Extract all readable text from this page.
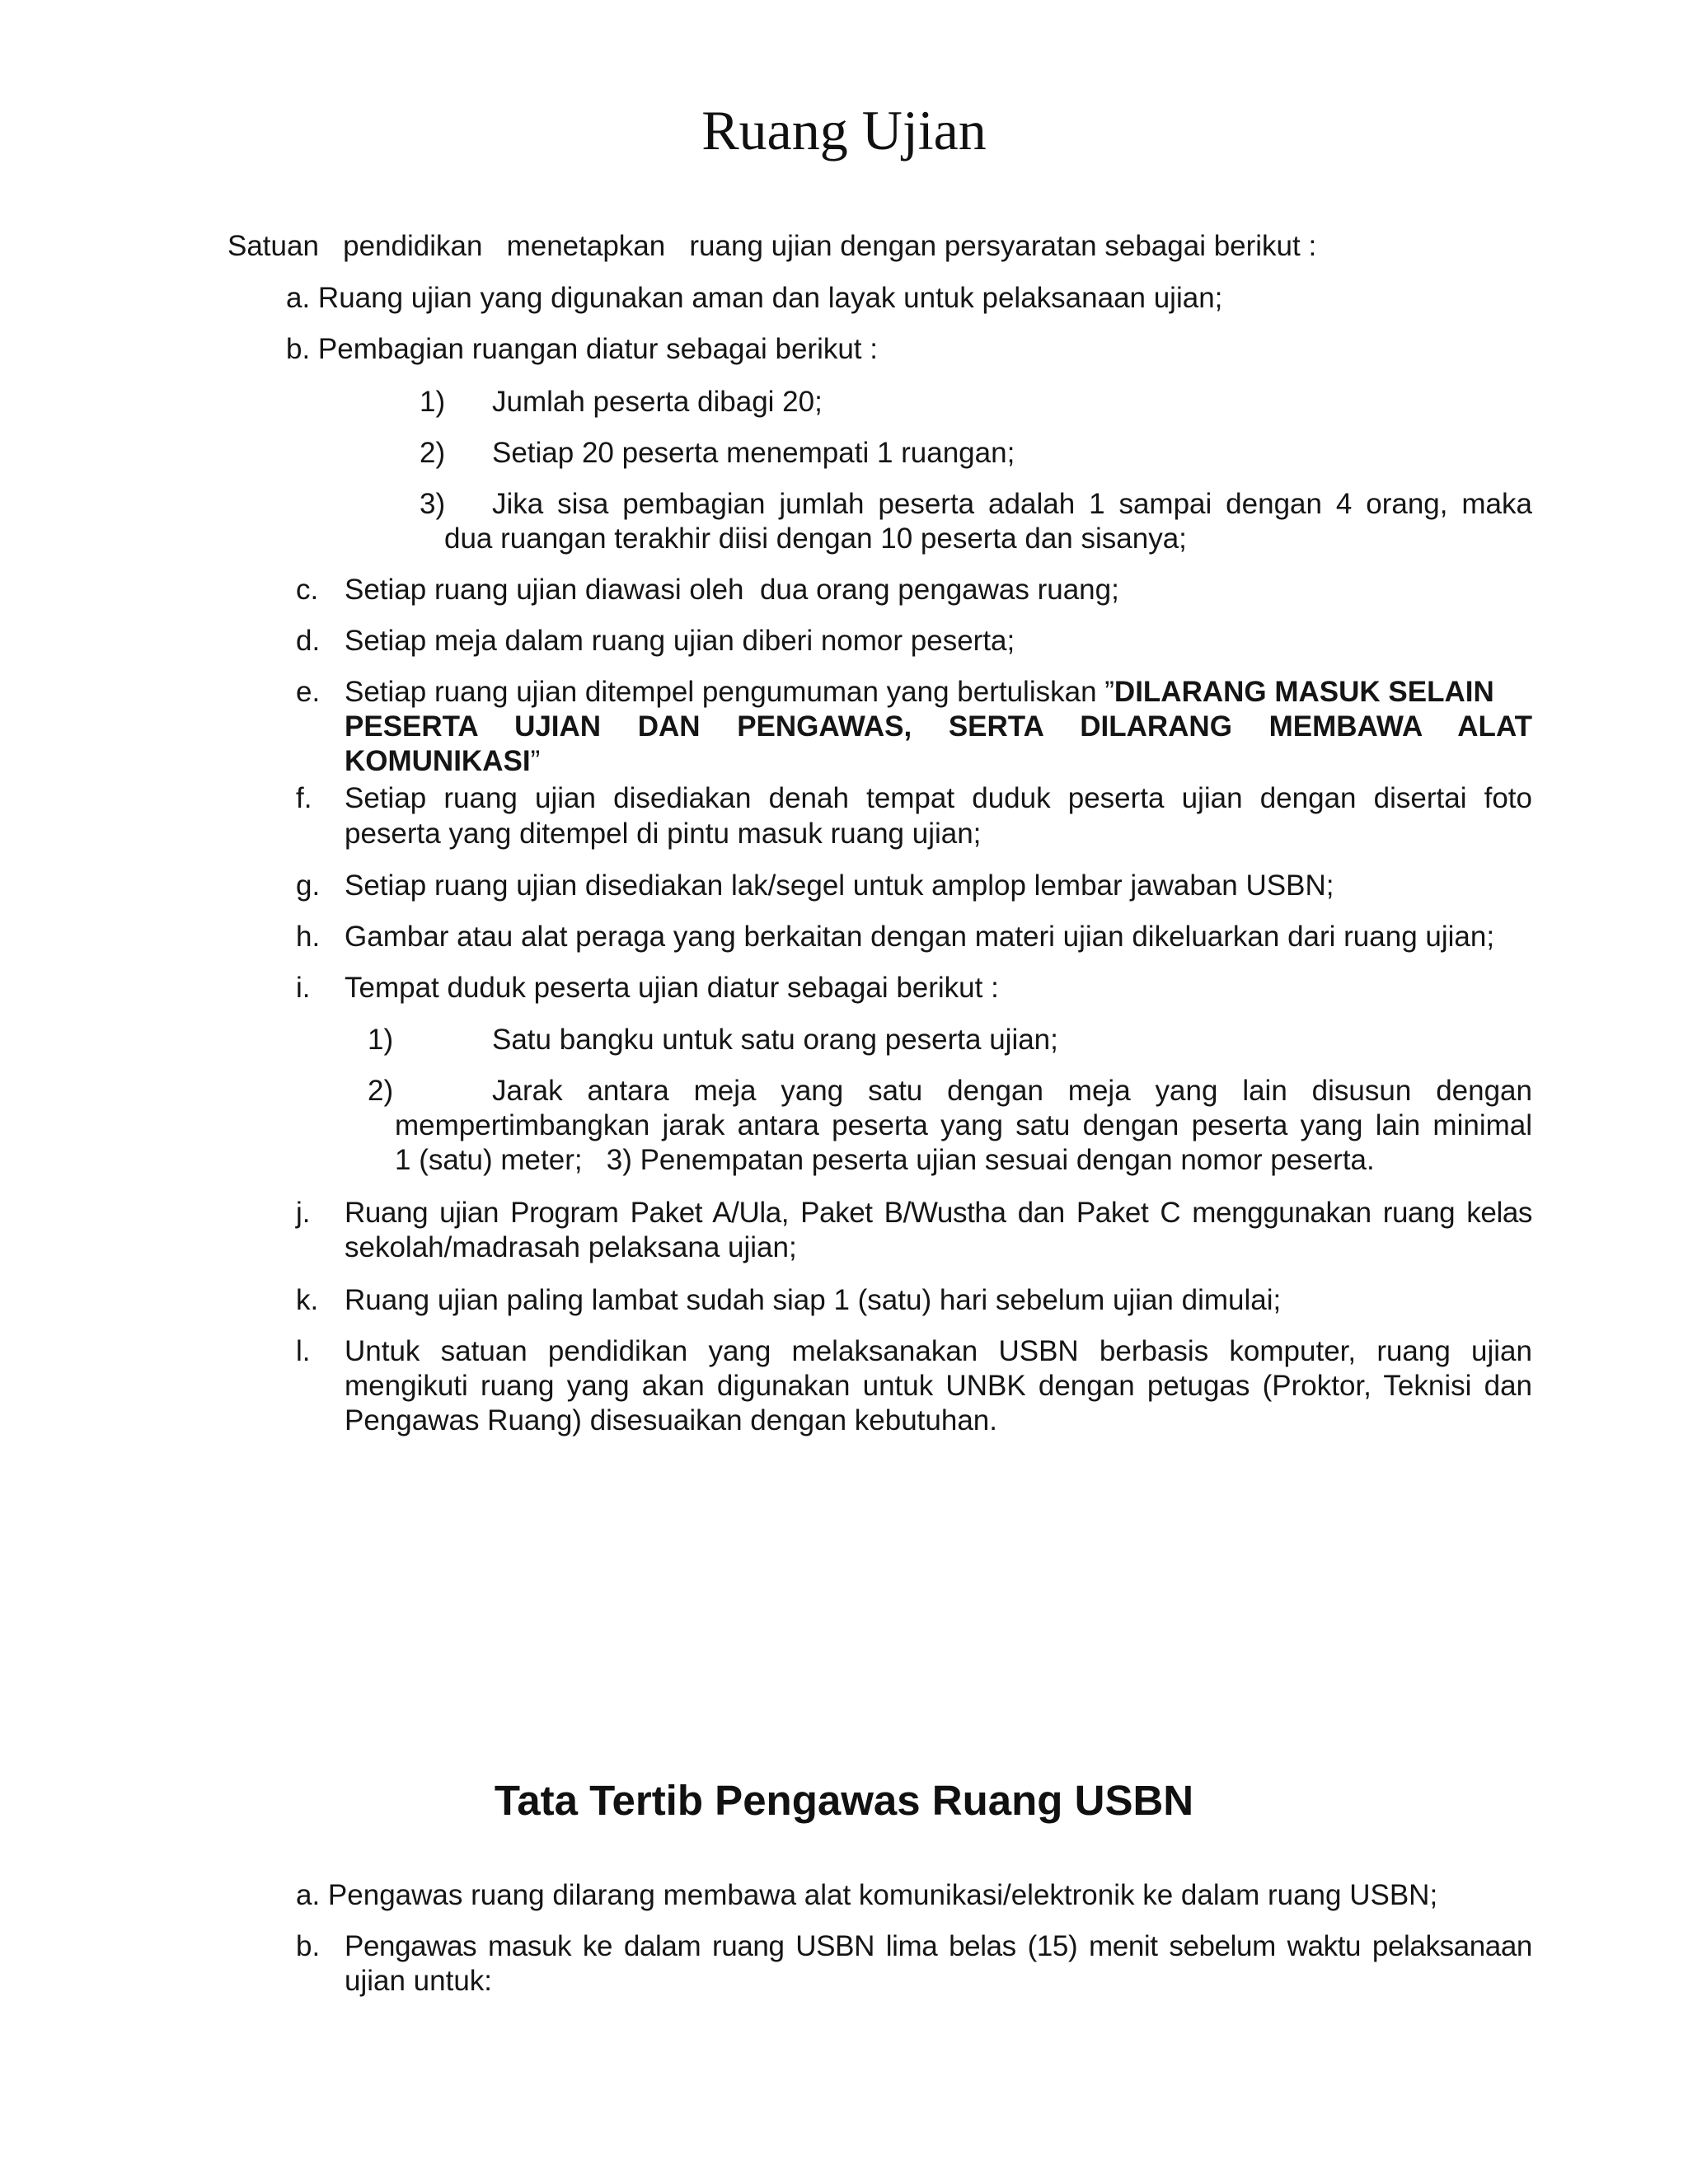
Ruang Ujian
Satuan   pendidikan   menetapkan   ruang ujian dengan persyaratan sebagai berikut :
a. Ruang ujian yang digunakan aman dan layak untuk pelaksanaan ujian;
b. Pembagian ruangan diatur sebagai berikut :
1) Jumlah peserta dibagi 20;
2) Setiap 20 peserta menempati 1 ruangan;
3) Jika sisa pembagian jumlah peserta adalah 1 sampai dengan 4 orang, maka
dua ruangan terakhir diisi dengan 10 peserta dan sisanya;
c. Setiap ruang ujian diawasi oleh  dua orang pengawas ruang;
d. Setiap meja dalam ruang ujian diberi nomor peserta;
e. Setiap ruang ujian ditempel pengumuman yang bertuliskan ”DILARANG MASUK SELAIN
PESERTA UJIAN DAN PENGAWAS, SERTA DILARANG MEMBAWA ALAT
KOMUNIKASI”
f. Setiap ruang ujian disediakan denah tempat duduk peserta ujian dengan disertai foto
peserta yang ditempel di pintu masuk ruang ujian;
g. Setiap ruang ujian disediakan lak/segel untuk amplop lembar jawaban USBN;
h. Gambar atau alat peraga yang berkaitan dengan materi ujian dikeluarkan dari ruang ujian;
i. Tempat duduk peserta ujian diatur sebagai berikut :
1)	Satu bangku untuk satu orang peserta ujian;
2)	Jarak antara meja yang satu dengan meja yang lain disusun dengan
mempertimbangkan jarak antara peserta yang satu dengan peserta yang lain minimal
1 (satu) meter;   3) Penempatan peserta ujian sesuai dengan nomor peserta.
j. Ruang ujian Program Paket A/Ula, Paket B/Wustha dan Paket C menggunakan ruang kelas
sekolah/madrasah pelaksana ujian;
k. Ruang ujian paling lambat sudah siap 1 (satu) hari sebelum ujian dimulai;
l. Untuk satuan pendidikan yang melaksanakan USBN berbasis komputer, ruang ujian
mengikuti ruang yang akan digunakan untuk UNBK dengan petugas (Proktor, Teknisi dan
Pengawas Ruang) disesuaikan dengan kebutuhan.
Tata Tertib Pengawas Ruang USBN
a. Pengawas ruang dilarang membawa alat komunikasi/elektronik ke dalam ruang USBN;
b. Pengawas masuk ke dalam ruang USBN lima belas (15) menit sebelum waktu pelaksanaan
ujian untuk:
